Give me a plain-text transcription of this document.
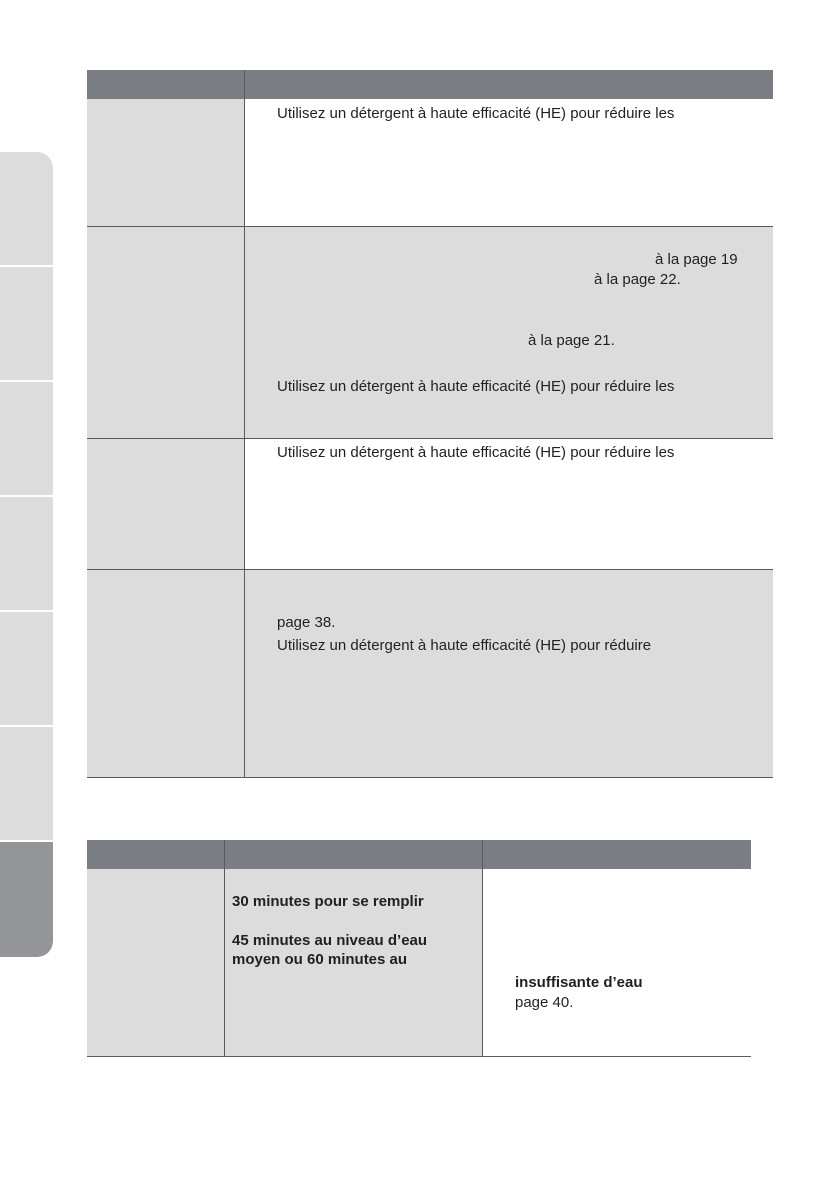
Utilisez un détergent à haute efficacité (HE) pour réduire les
à la page 19
à la page 22.
à la page 21.
Utilisez un détergent à haute efficacité (HE) pour réduire les
Utilisez un détergent à haute efficacité (HE) pour réduire les
page 38.
Utilisez un détergent à haute efficacité (HE) pour réduire
30 minutes pour se remplir
45 minutes au niveau d’eau
moyen ou 60 minutes au
insuffisante d’eau
page 40.
